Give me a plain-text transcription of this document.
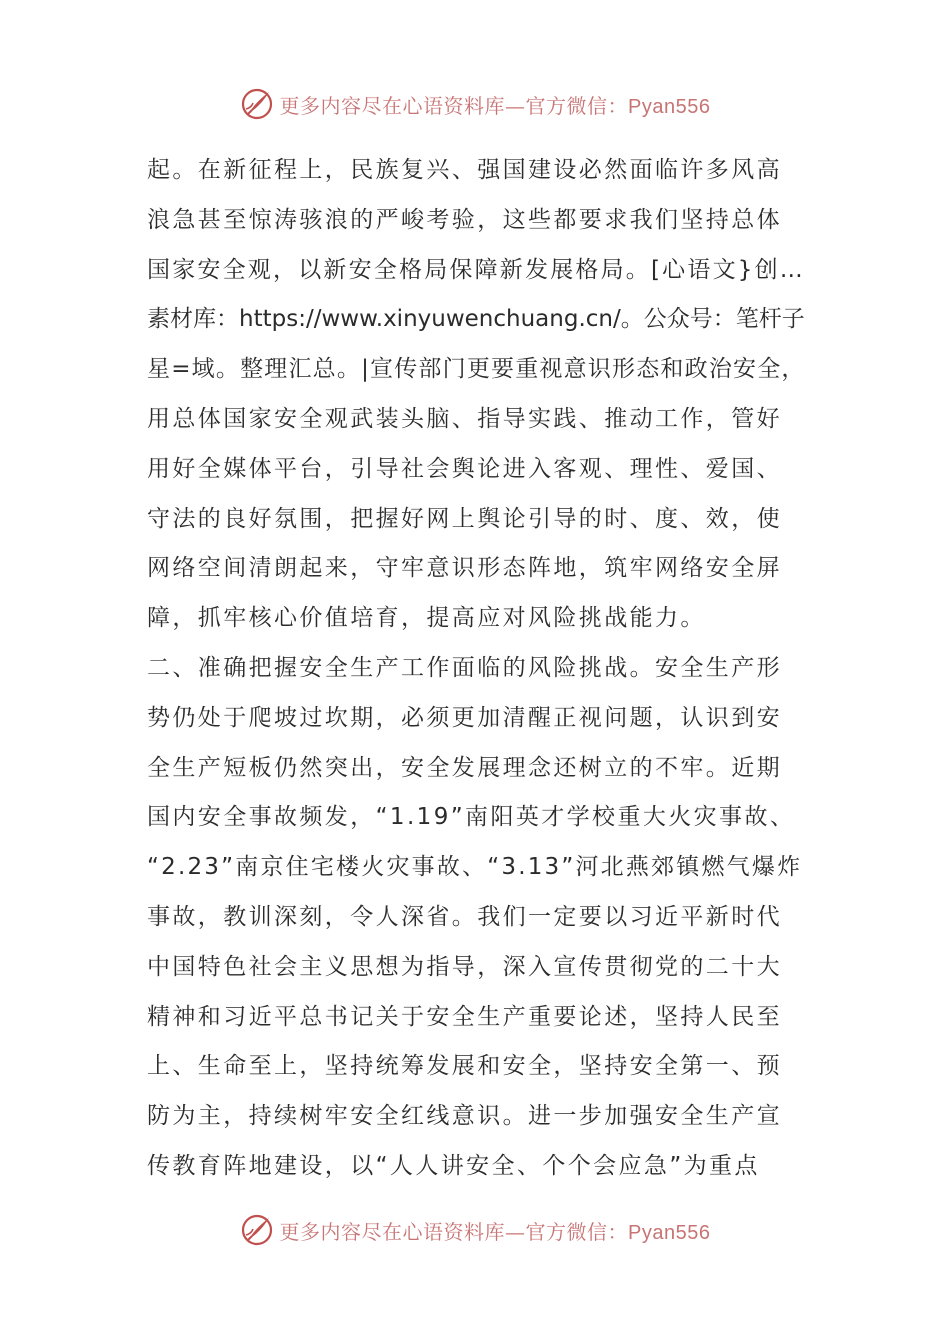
更多内容尽在心语资料库—官方微信：Pyan556
起。在新征程上，民族复兴、强国建设必然面临许多风高
浪急甚至惊涛骇浪的严峻考验，这些都要求我们坚持总体
国家安全观，以新安全格局保障新发展格局。[心语文}创…
素材库：https://www.xinyuwenchuang.cn/。公众号：笔杆子
星=域。整理汇总。|宣传部门更要重视意识形态和政治安全，
用总体国家安全观武装头脑、指导实践、推动工作，管好
用好全媒体平台，引导社会舆论进入客观、理性、爱国、
守法的良好氛围，把握好网上舆论引导的时、度、效，使
网络空间清朗起来，守牢意识形态阵地，筑牢网络安全屏
障，抓牢核心价值培育，提高应对风险挑战能力。
二、准确把握安全生产工作面临的风险挑战。安全生产形
势仍处于爬坡过坎期，必须更加清醒正视问题，认识到安
全生产短板仍然突出，安全发展理念还树立的不牢。近期
国内安全事故频发，“1.19”南阳英才学校重大火灾事故、
“2.23”南京住宅楼火灾事故、“3.13”河北燕郊镇燃气爆炸
事故，教训深刻，令人深省。我们一定要以习近平新时代
中国特色社会主义思想为指导，深入宣传贯彻党的二十大
精神和习近平总书记关于安全生产重要论述，坚持人民至
上、生命至上，坚持统筹发展和安全，坚持安全第一、预
防为主，持续树牢安全红线意识。进一步加强安全生产宣
传教育阵地建设，以“人人讲安全、个个会应急”为重点
更多内容尽在心语资料库—官方微信：Pyan556
